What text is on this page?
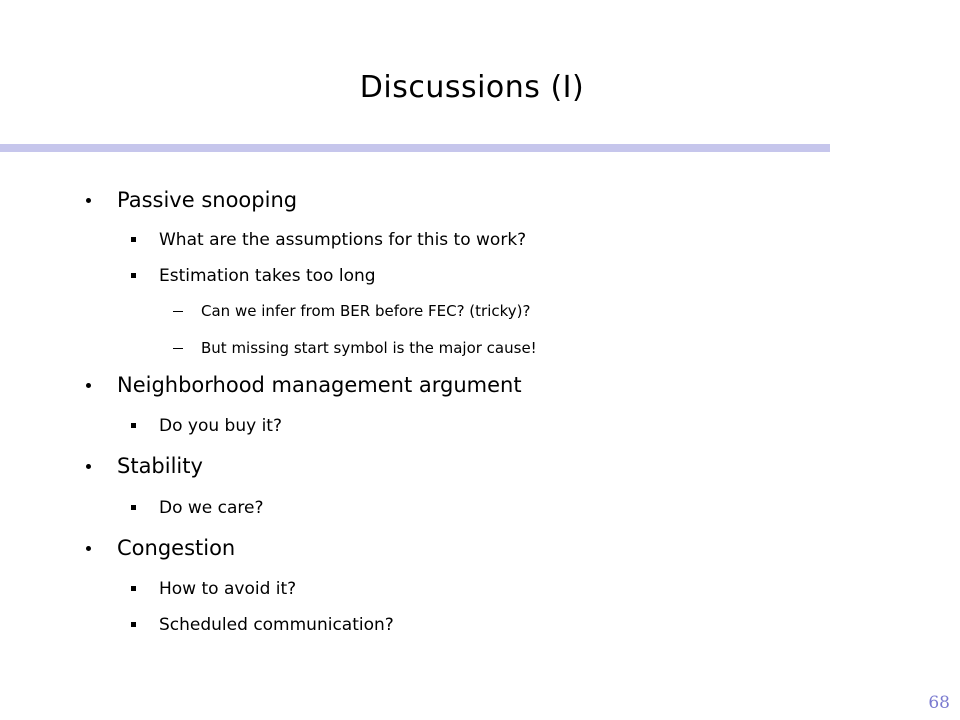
Discussions (I)
Passive snooping
What are the assumptions for this to work?
Estimation takes too long
Can we infer from BER before FEC? (tricky)?
But missing start symbol is the major cause!
Neighborhood management argument
Do you buy it?
Stability
Do we care?
Congestion
How to avoid it?
Scheduled communication?
68
